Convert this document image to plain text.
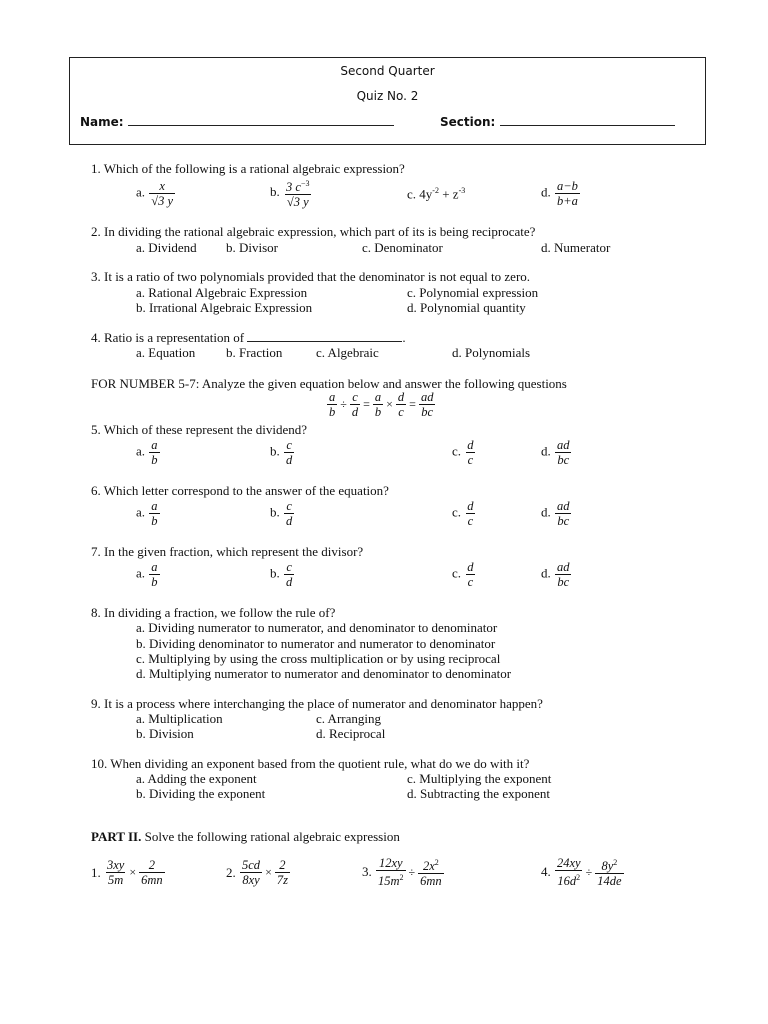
Second Quarter
Quiz No. 2
Name:	Section:
1. Which of the following is a rational algebraic expression?
a. $\frac{x}{√3 y}$	b. $\frac{3 c^{-3}}{√3 y}$	c. $4y^{-2} + z^{-3}$	d. $\frac{a-b}{b+a}$
2. In dividing the rational algebraic expression, which part of its is being reciprocate?
a. Dividend b. Divisor	c. Denominator	d. Numerator
3. It is a ratio of two polynomials provided that the denominator is not equal to zero.
a. Rational Algebraic Expression	c. Polynomial expression
b. Irrational Algebraic Expression	d. Polynomial quantity
4. Ratio is a representation of	.
a. Equation b. Fraction	c. Algebraic	d. Polynomials
FOR NUMBER 5-7: Analyze the given equation below and answer the following questions
$\frac{a}{b} \div \frac{c}{d} = \frac{a}{b} \times \frac{d}{c} = \frac{ad}{bc}$
5. Which of these represent the dividend?
a. $\frac{a}{b}$	b. $\frac{c}{d}$	c. $\frac{d}{c}$	d. $\frac{ad}{bc}$
6. Which letter correspond to the answer of the equation?
a. $\frac{a}{b}$	b. $\frac{c}{d}$	c. $\frac{d}{c}$	d. $\frac{ad}{bc}$
7. In the given fraction, which represent the divisor?
a. $\frac{a}{b}$	b. $\frac{c}{d}$	c. $\frac{d}{c}$	d. $\frac{ad}{bc}$
8. In dividing a fraction, we follow the rule of?
a. Dividing numerator to numerator, and denominator to denominator
b. Dividing denominator to numerator and numerator to denominator
c. Multiplying by using the cross multiplication or by using reciprocal
d. Multiplying numerator to numerator and denominator to denominator
9. It is a process where interchanging the place of numerator and denominator happen?
a. Multiplication	c. Arranging
b. Division	d. Reciprocal
10. When dividing an exponent based from the quotient rule, what do we do with it?
a. Adding the exponent	c. Multiplying the exponent
b. Dividing the exponent	d. Subtracting the exponent
PART II. Solve the following rational algebraic expression
1. $\frac{3xy}{5m} \times \frac{2}{6mn}$	2. $\frac{5cd}{8xy} \times \frac{2}{7z}$	3. $\frac{12xy}{15m^2} \div \frac{2x^2}{6mn}$	4. $\frac{24xy}{16d^2} \div \frac{8y^2}{14de}$
